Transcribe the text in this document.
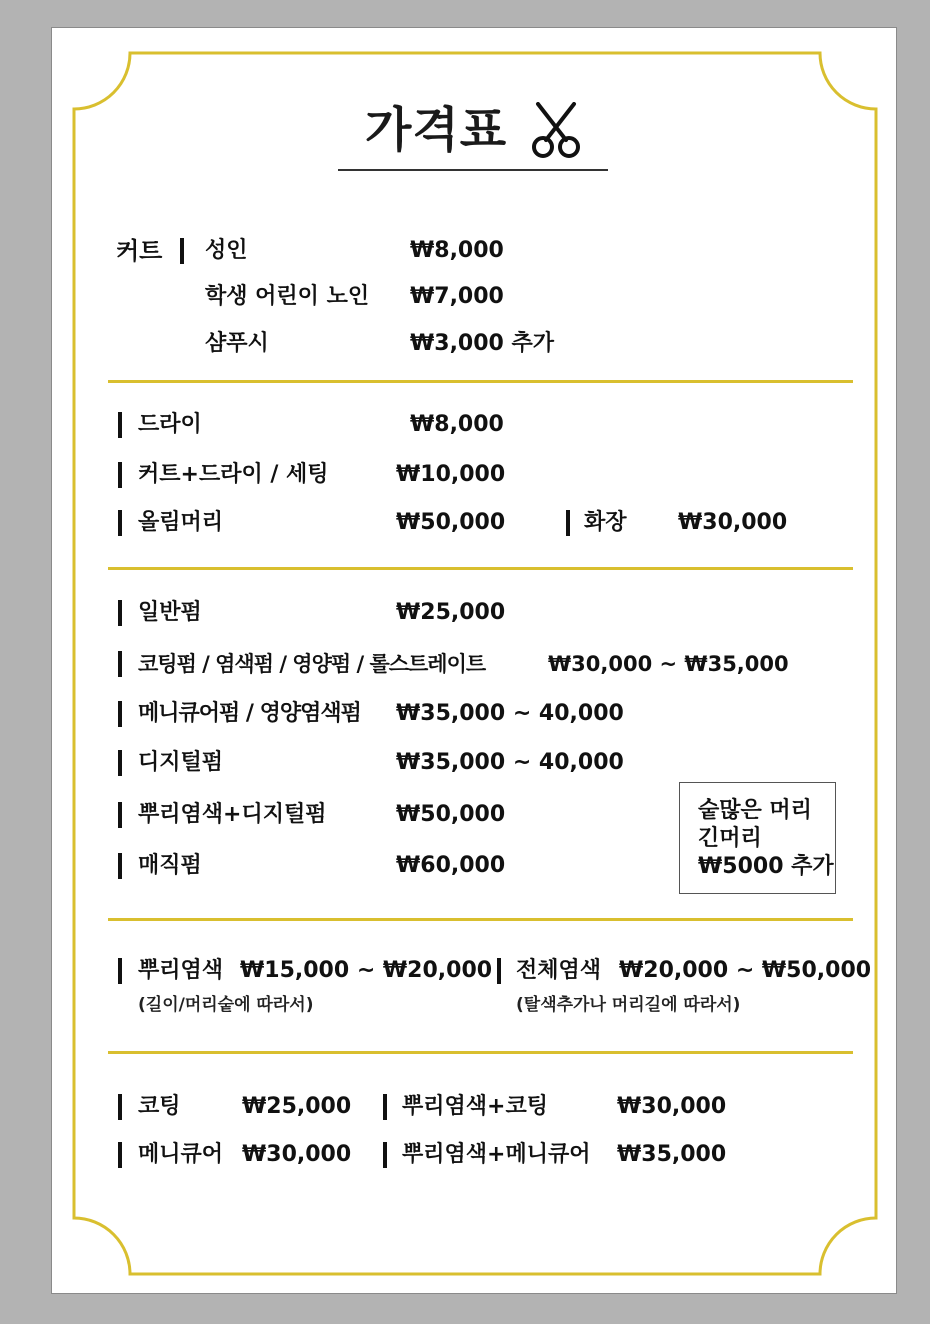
가격표
커트 성인	₩8,000
학생 어린이 노인 ₩7,000
샴푸시	₩3,000 추가
드라이	₩8,000
커트+드라이 / 세팅	₩10,000
올림머리	₩50,000	화장 ₩30,000
일반펌	₩25,000
코팅펌 / 염색펌 / 영양펌 / 롤스트레이트	₩30,000 ~ ₩35,000
메니큐어펌 / 영양염색펌 ₩35,000 ~ 40,000
디지털펌	₩35,000 ~ 40,000
뿌리염색+디지털펌	₩50,000
매직펌	₩60,000
숱많은 머리
긴머리
₩5000 추가
뿌리염색 ₩15,000 ~ ₩20,000
(길이/머리숱에 따라서)
전체염색 ₩20,000 ~ ₩50,000
(탈색추가나 머리길에 따라서)
코팅	₩25,000 뿌리염색+코팅	₩30,000
메니큐어 ₩30,000 뿌리염색+메니큐어 ₩35,000
